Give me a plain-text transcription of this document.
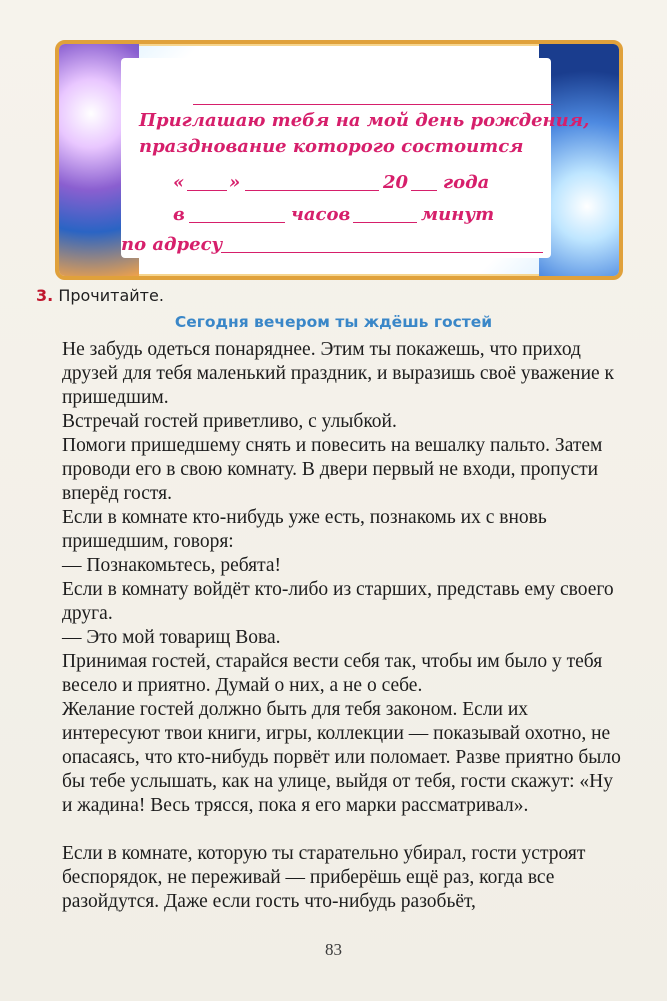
Приглашаю тебя на мой день рождения,
празднование которого состоится
« »	20 года
в	часов	минут
по адресу
3. Прочитайте.
Сегодня вечером ты ждёшь гостей

Не забудь одеться понаряднее. Этим ты покажешь, что приход друзей для тебя маленький праздник, и выразишь своё уважение к пришедшим.

Встречай гостей приветливо, с улыбкой.

Помоги пришедшему снять и повесить на вешалку пальто. Затем проводи его в свою комнату. В двери первый не входи, пропусти вперёд гостя.

Если в комнате кто-нибудь уже есть, познакомь их с вновь пришедшим, говоря:

— Познакомьтесь, ребята!

Если в комнату войдёт кто-либо из старших, представь ему своего друга.

— Это мой товарищ Вова.

Принимая гостей, старайся вести себя так, чтобы им было у тебя весело и приятно. Думай о них, а не о себе.

Желание гостей должно быть для тебя законом. Если их интересуют твои книги, игры, коллекции — показывай охотно, не опасаясь, что кто-нибудь порвёт или поломает. Разве приятно было бы тебе услышать, как на улице, выйдя от тебя, гости скажут: «Ну и жадина! Весь трясся, пока я его марки рассматривал».

Если в комнате, которую ты старательно убирал, гости устроят беспорядок, не переживай — приберёшь ещё раз, когда все разойдутся. Даже если гость что-нибудь разобьёт,

83
